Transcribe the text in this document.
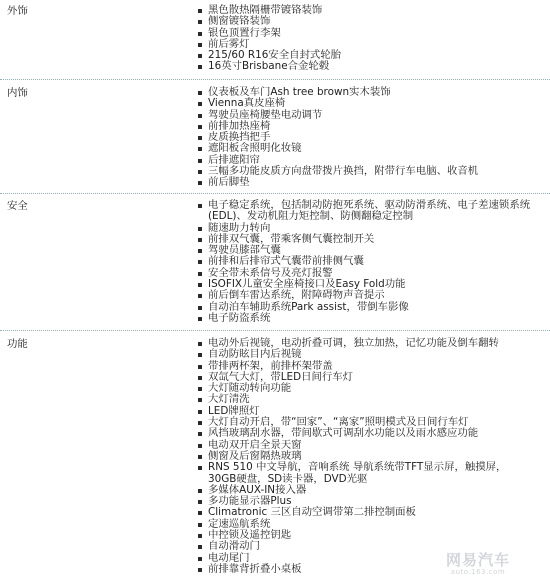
外饰	黑色散热隔栅带镀铬装饰
侧窗镀铬装饰
银色顶置行李架
前后雾灯
215/60 R16安全自封式轮胎
16英寸Brisbane合金轮毂
内饰	仪表板及车门Ash tree brown实木装饰
Vienna真皮座椅
驾驶员座椅腰垫电动调节
前排加热座椅
皮质换挡把手
遮阳板含照明化妆镜
后排遮阳帘
三幅多功能皮质方向盘带拨片换挡，附带行车电脑、收音机
前后脚垫
安全	电子稳定系统，包括制动防抱死系统、驱动防滑系统、电子差速锁系统(EDL)、发动机阻力矩控制、防侧翻稳定控制
随速助力转向
前排双气囊，带乘客侧气囊控制开关
驾驶员膝部气囊
前排和后排帘式气囊带前排侧气囊
安全带未系信号及亮灯报警
ISOFIX儿童安全座椅接口及Easy Fold功能
前后倒车雷达系统，附障碍物声音提示
自动泊车辅助系统Park assist，带倒车影像
电子防盗系统
功能	电动外后视镜，电动折叠可调，独立加热，记忆功能及倒车翻转
自动防眩目内后视镜
带排两杯架，前排杯架带盖
双氙气大灯，带LED日间行车灯
大灯随动转向功能
大灯清洗
LED牌照灯
大灯自动开启，带“回家”、“离家”照明模式及日间行车灯
风挡玻璃刮水器，带间歇式可调刮水功能以及雨水感应功能
电动双开启全景天窗
侧窗及后窗隔热玻璃
RNS 510 中文导航，音响系统 导航系统带TFT显示屏，触摸屏，30GB硬盘，SD读卡器，DVD光驱
多媒体AUX-IN接入器
多功能显示器Plus
Climatronic 三区自动空调带第二排控制面板
定速巡航系统
中控锁及遥控钥匙
自动滑动门
电动尾门
前排靠背折叠小桌板	网易汽车
auto.163.com
